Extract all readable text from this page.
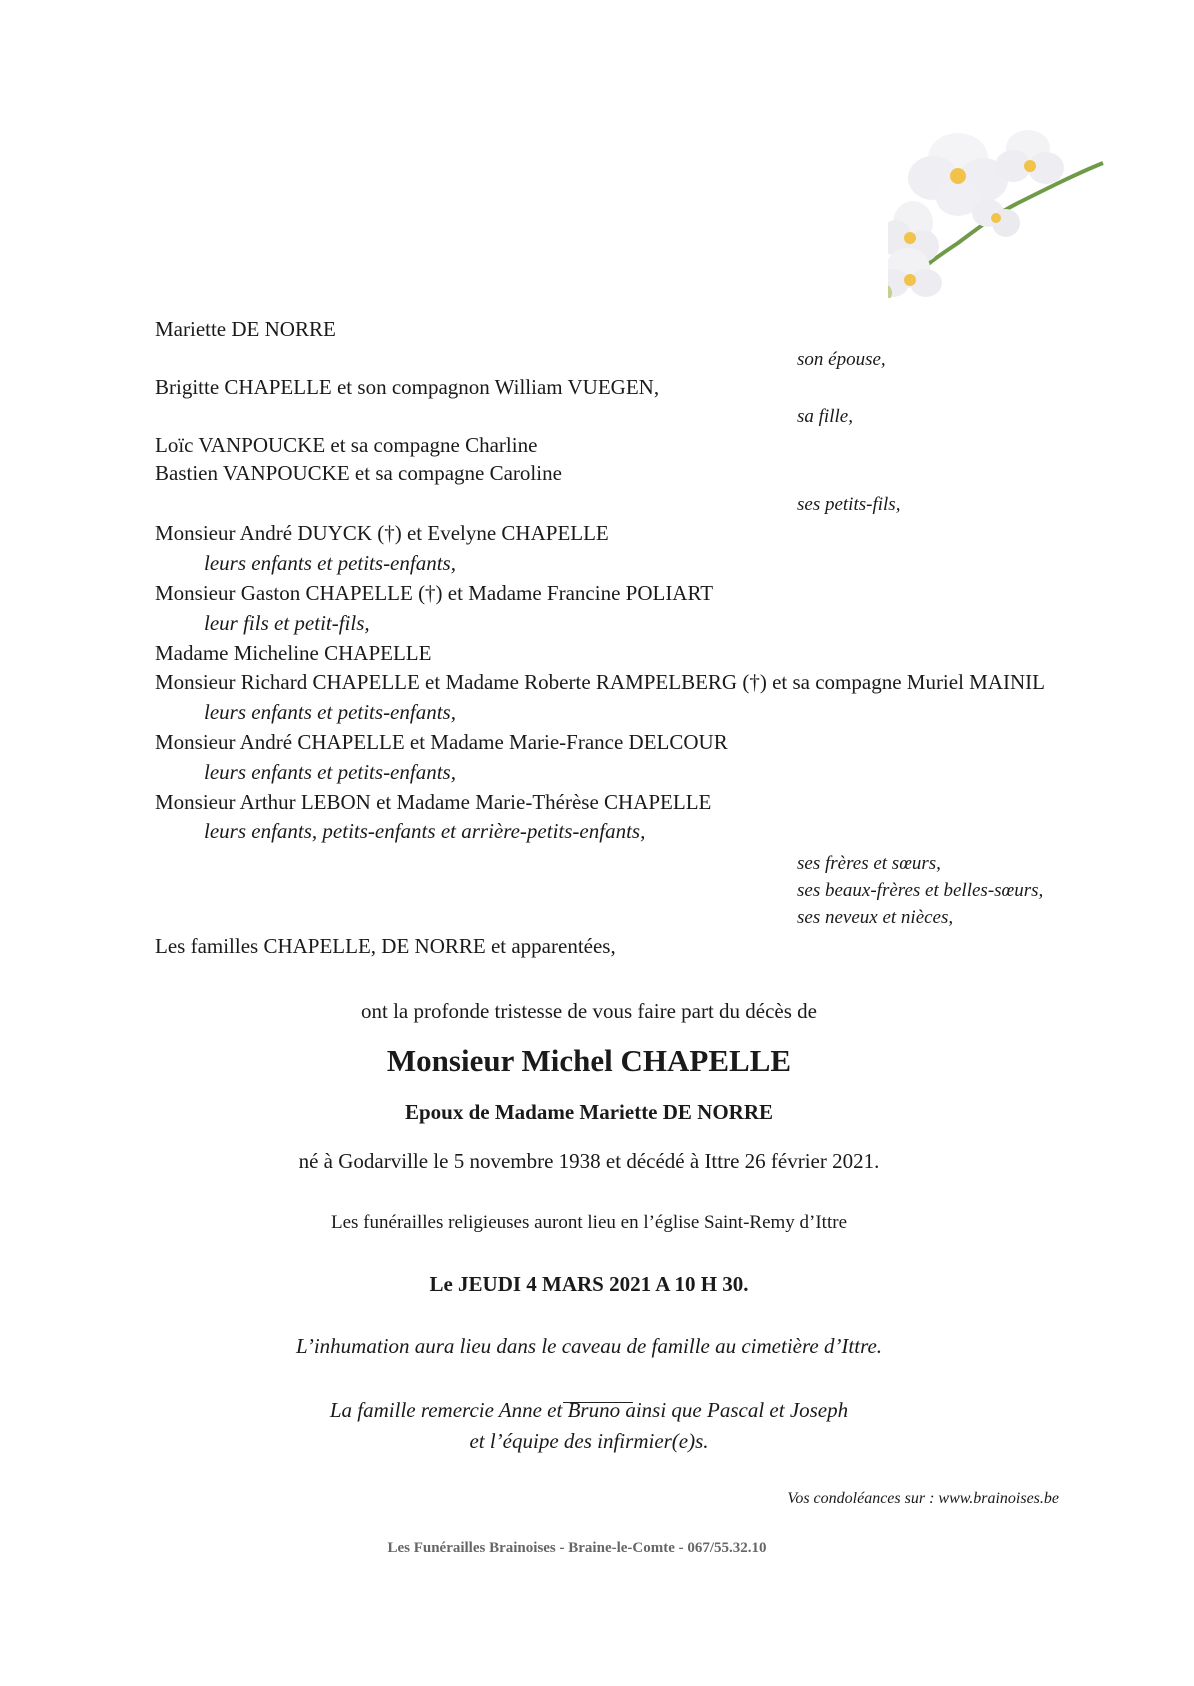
Mariette DE NORRE
son épouse,
Brigitte CHAPELLE et son compagnon William VUEGEN,
sa fille,
Loïc VANPOUCKE et sa compagne Charline
Bastien VANPOUCKE et sa compagne Caroline
ses petits-fils,
Monsieur André DUYCK (†) et Evelyne CHAPELLE
leurs enfants et petits-enfants,
Monsieur Gaston CHAPELLE (†) et Madame Francine POLIART
leur fils et petit-fils,
Madame Micheline CHAPELLE
Monsieur Richard CHAPELLE et Madame Roberte RAMPELBERG (†) et sa compagne Muriel MAINIL
leurs enfants et petits-enfants,
Monsieur André CHAPELLE et Madame Marie-France DELCOUR
leurs enfants et petits-enfants,
Monsieur Arthur LEBON et Madame Marie-Thérèse CHAPELLE
leurs enfants, petits-enfants et arrière-petits-enfants,
ses frères et sœurs,
ses beaux-frères et belles-sœurs,
ses neveux et nièces,
Les familles CHAPELLE, DE NORRE et apparentées,
ont la profonde tristesse de vous faire part du décès de
Monsieur Michel CHAPELLE
Epoux de Madame Mariette DE NORRE
né à Godarville le 5 novembre 1938 et décédé à Ittre 26 février 2021.
Les funérailles religieuses auront lieu en l’église Saint-Remy d’Ittre
Le JEUDI 4 MARS 2021 A 10 H 30.
L’inhumation aura lieu dans le caveau de famille au cimetière d’Ittre.
La famille remercie Anne et Bruno ainsi que Pascal et Joseph
et l’équipe des infirmier(e)s.
Vos condoléances sur : www.brainoises.be
Les Funérailles Brainoises - Braine-le-Comte - 067/55.32.10
